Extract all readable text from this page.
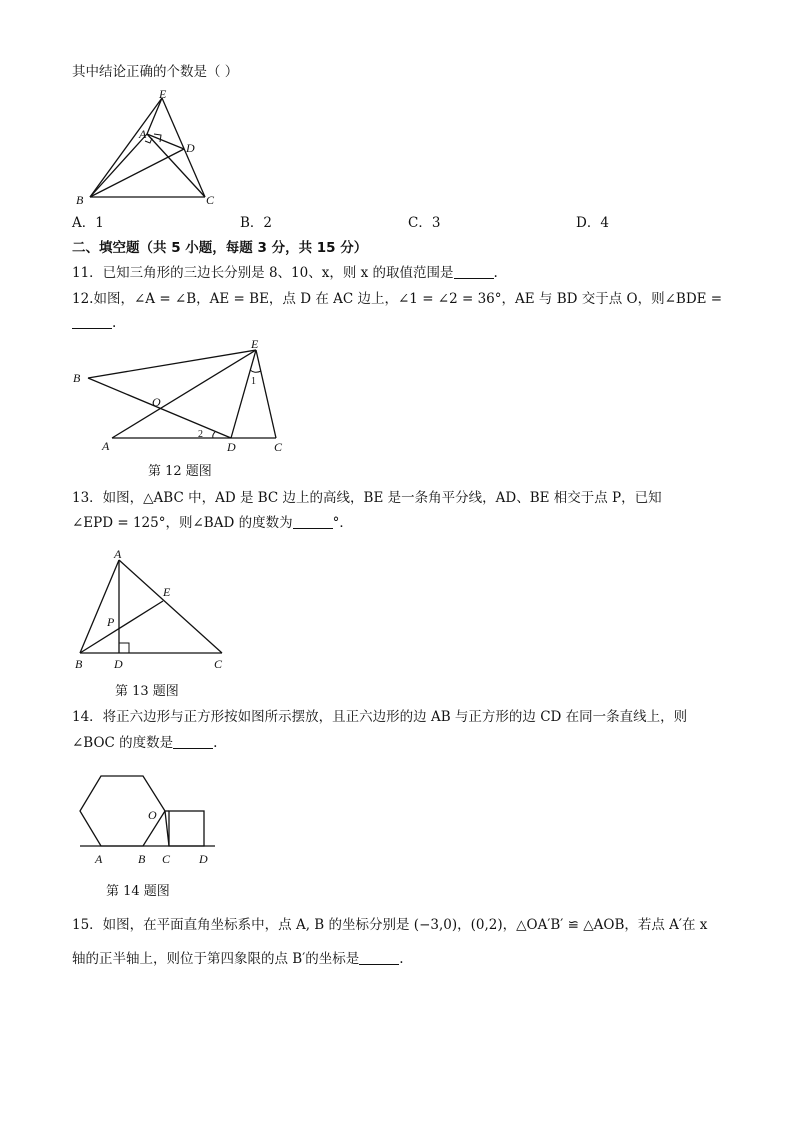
其中结论正确的个数是（ ）
E
A
D
B	C
A．1	B．2	C．3	D．4
二、填空题（共 5 小题，每题 3 分，共 15 分）
11．已知三角形的三边长分别是 8、10、x，则 x 的取值范围是	.
12.如图，∠A = ∠B，AE = BE，点 D 在 AC 边上，∠1 = ∠2 = 36°，AE 与 BD 交于点 O，则∠BDE =
.
E
B
O
A	D	C
1
2
第 12 题图
13．如图，△ABC 中，AD 是 BC 边上的高线，BE 是一条角平分线，AD、BE 相交于点 P，已知
∠EPD = 125°，则∠BAD 的度数为	°．
A
E
P
B	D	C
第 13 题图
14．将正六边形与正方形按如图所示摆放，且正六边形的边 AB 与正方形的边 CD 在同一条直线上，则
∠BOC 的度数是	.
O
A	B C D
第 14 题图
15．如图，在平面直角坐标系中，点 A, B 的坐标分别是 (−3,0)，(0,2)，△OA′B′ ≌ △AOB，若点 A′在 x
轴的正半轴上，则位于第四象限的点 B′的坐标是	.
